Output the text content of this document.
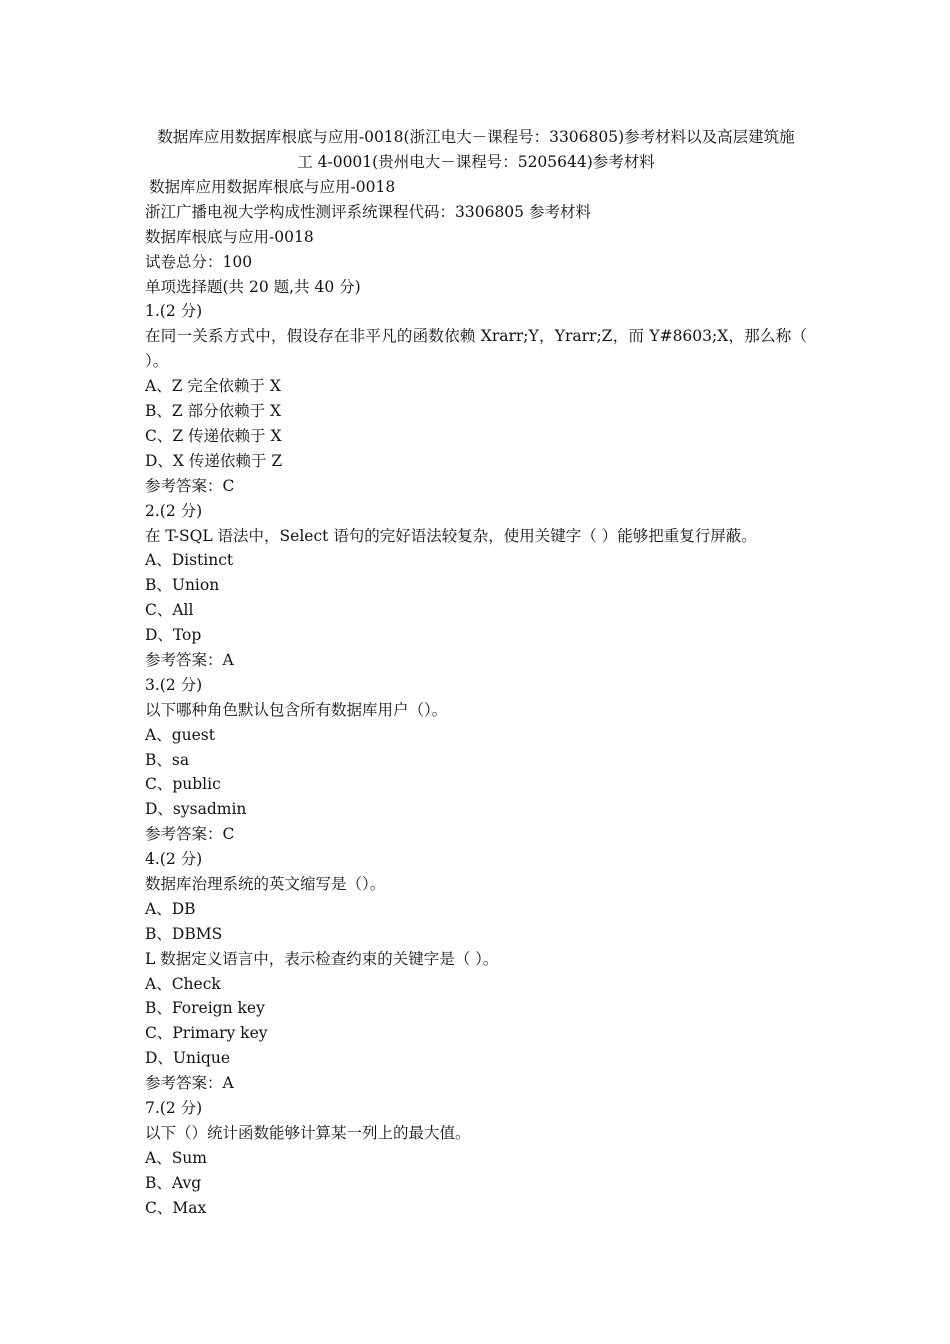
数据库应用数据库根底与应用-0018(浙江电大－课程号：3306805)参考材料以及高层建筑施
工 4-0001(贵州电大－课程号：5205644)参考材料
数据库应用数据库根底与应用-0018
浙江广播电视大学构成性测评系统课程代码：3306805 参考材料
数据库根底与应用-0018
试卷总分：100
单项选择题(共 20 题,共 40 分)
1.(2 分)
在同一关系方式中，假设存在非平凡的函数依赖 Xrarr;Y，Yrarr;Z，而 Y#8603;X，那么称（ ）。
A、Z 完全依赖于 X
B、Z 部分依赖于 X
C、Z 传递依赖于 X
D、X 传递依赖于 Z
参考答案：C
2.(2 分)
在 T-SQL 语法中，Select 语句的完好语法较复杂，使用关键字（ ）能够把重复行屏蔽。
A、Distinct
B、Union
C、All
D、Top
参考答案：A
3.(2 分)
以下哪种角色默认包含所有数据库用户（）。
A、guest
B、sa
C、public
D、sysadmin
参考答案：C
4.(2 分)
数据库治理系统的英文缩写是（）。
A、DB
B、DBMS
L 数据定义语言中，表示检查约束的关键字是（ ）。
A、Check
B、Foreign key
C、Primary key
D、Unique
参考答案：A
7.(2 分)
以下（）统计函数能够计算某一列上的最大值。
A、Sum
B、Avg
C、Max
